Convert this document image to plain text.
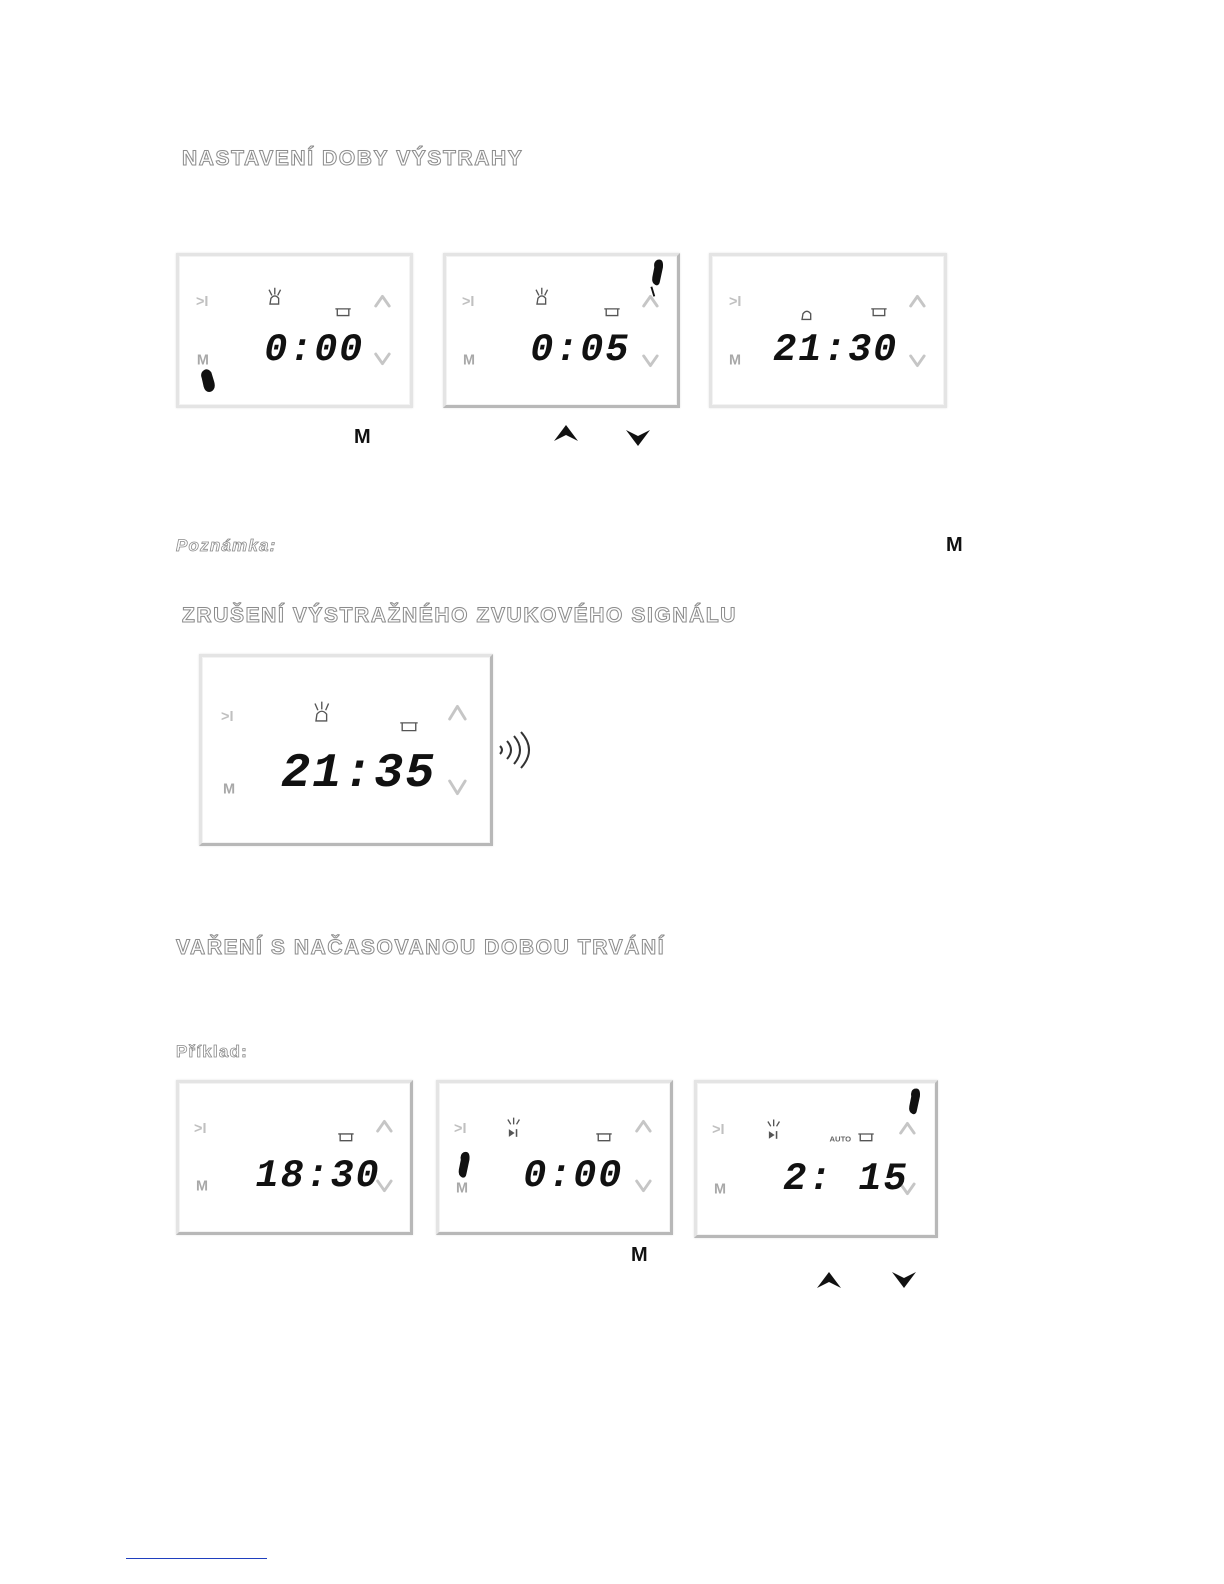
NASTAVENÍ DOBY VÝSTRAHY
>I
M 0:00
>I
M 0:05
>I
M 21:30
M

Poznámka:	M
ZRUŠENÍ VÝSTRAŽNÉHO ZVUKOVÉHO SIGNÁLU
>I
M 21:35
VAŘENÍ S NAČASOVANOU DOBOU TRVÁNÍ

Příklad:

>I
M 18:30
>I
M 0:00
>I
M
AUTO
2: 15
M
